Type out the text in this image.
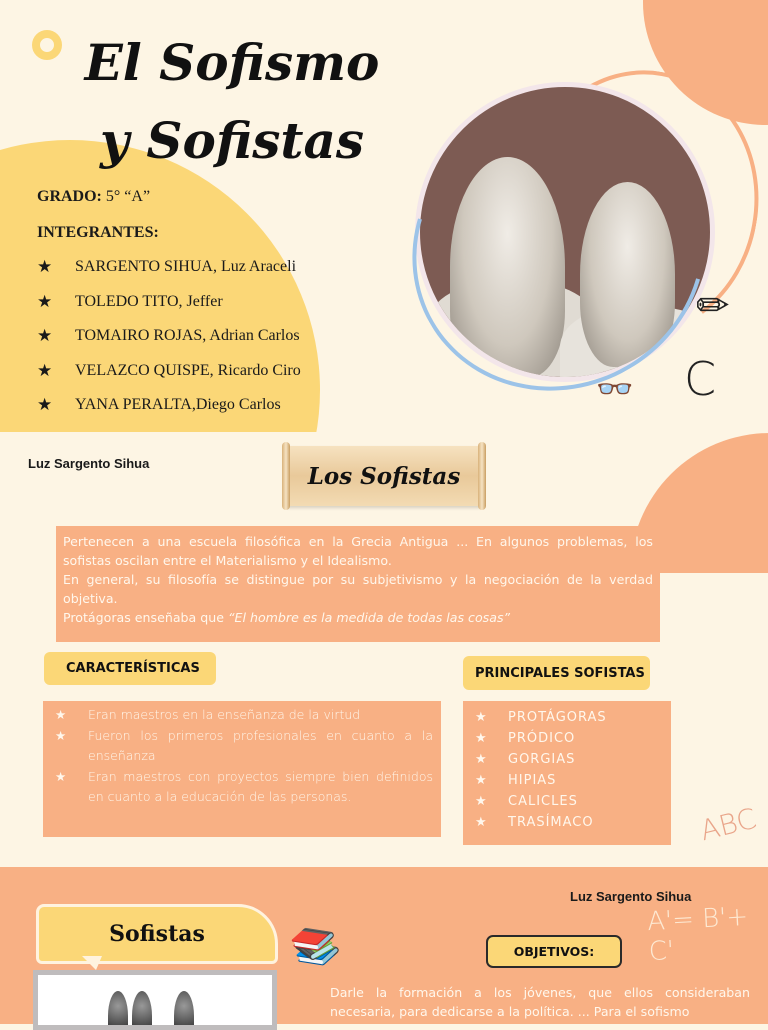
El Sofismo y Sofistas
GRADO: 5° “A”
INTEGRANTES:
★	SARGENTO SIHUA, Luz Araceli
★	TOLEDO TITO, Jeffer
★	TOMAIRO ROJAS, Adrian Carlos
★	VELAZCO QUISPE, Ricardo Ciro
★	YANA PERALTA,Diego Carlos
✏
👓 C
Luz Sargento Sihua	Los Sofistas

Pertenecen a una escuela filosófica en la Grecia Antigua ... En algunos problemas, los sofistas oscilan entre el Materialismo y el Idealismo.

En general, su filosofía se distingue por su subjetivismo y la negociación de la verdad objetiva.

Protágoras enseñaba que “El hombre es la medida de todas las cosas”

CARACTERÍSTICAS	PRINCIPALES SOFISTAS
★	Eran maestros en la enseñanza de la virtud
★	Fueron los primeros profesionales en cuanto a la enseñanza
★	Eran maestros con proyectos siempre bien definidos en cuanto a la educación de las personas.
★	PROTÁGORAS
★	PRÓDICO
★	GORGIAS
★	HIPIAS
★	CALICLES
★	TRASÍMACO	ABC
Luz Sargento Sihua
A'= B'+ C'
Sofistas 📚	OBJETIVOS:
Darle la formación a los jóvenes, que ellos consideraban necesaria, para dedicarse a la política. ... Para el sofismo
